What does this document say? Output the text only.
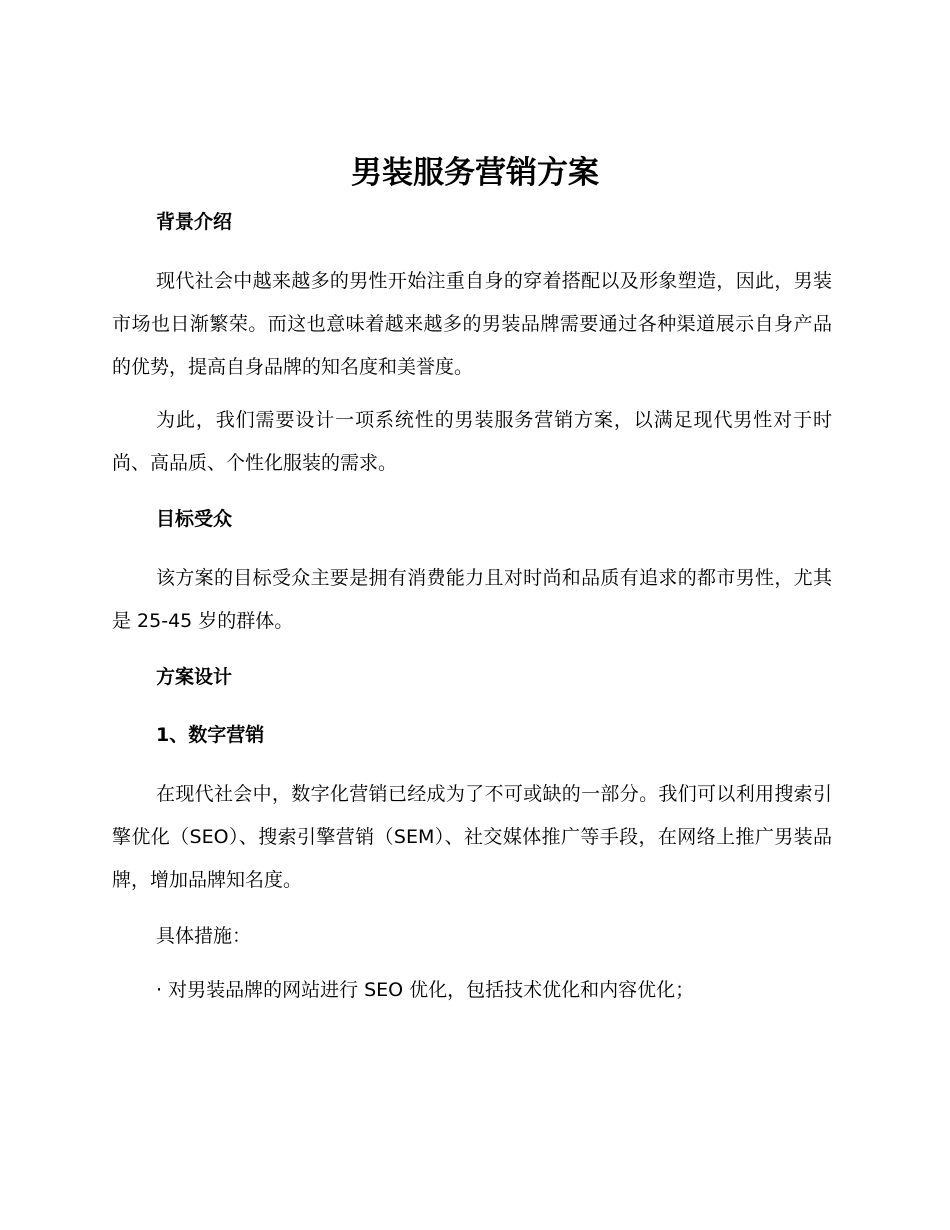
男装服务营销方案
背景介绍

现代社会中越来越多的男性开始注重自身的穿着搭配以及形象塑造，因此，男装市场也日渐繁荣。而这也意味着越来越多的男装品牌需要通过各种渠道展示自身产品的优势，提高自身品牌的知名度和美誉度。

为此，我们需要设计一项系统性的男装服务营销方案，以满足现代男性对于时尚、高品质、个性化服装的需求。

目标受众

该方案的目标受众主要是拥有消费能力且对时尚和品质有追求的都市男性，尤其是 25-45 岁的群体。

方案设计
1、数字营销

在现代社会中，数字化营销已经成为了不可或缺的一部分。我们可以利用搜索引擎优化（SEO）、搜索引擎营销（SEM）、社交媒体推广等手段，在网络上推广男装品牌，增加品牌知名度。

具体措施：

· 对男装品牌的网站进行 SEO 优化，包括技术优化和内容优化；
